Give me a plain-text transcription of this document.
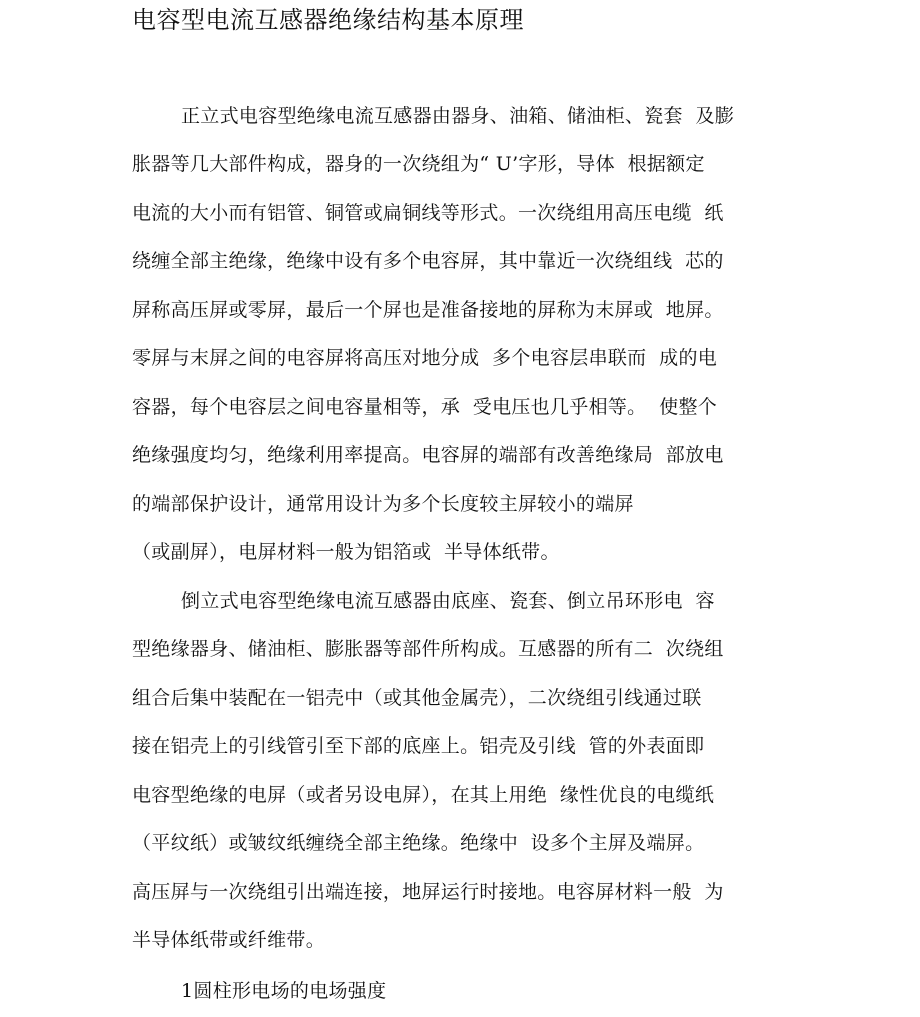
电容型电流互感器绝缘结构基本原理
正立式电容型绝缘电流互感器由器身、油箱、储油柜、瓷套  及膨
胀器等几大部件构成，器身的一次绕组为“ U’字形，导体  根据额定
电流的大小而有铝管、铜管或扁铜线等形式。一次绕组用高压电缆  纸
绕缠全部主绝缘，绝缘中设有多个电容屏，其中靠近一次绕组线  芯的
屏称高压屏或零屏，最后一个屏也是准备接地的屏称为末屏或  地屏。
零屏与末屏之间的电容屏将高压对地分成  多个电容层串联而  成的电
容器，每个电容层之间电容量相等，承  受电压也几乎相等。  使整个
绝缘强度均匀，绝缘利用率提高。电容屏的端部有改善绝缘局  部放电
的端部保护设计，通常用设计为多个长度较主屏较小的端屏
（或副屏），电屏材料一般为铝箔或  半导体纸带。
倒立式电容型绝缘电流互感器由底座、瓷套、倒立吊环形电  容
型绝缘器身、储油柜、膨胀器等部件所构成。互感器的所有二  次绕组
组合后集中装配在一铝壳中（或其他金属壳），二次绕组引线通过联
接在铝壳上的引线管引至下部的底座上。铝壳及引线  管的外表面即
电容型绝缘的电屏（或者另设电屏），在其上用绝  缘性优良的电缆纸
（平纹纸）或皱纹纸缠绕全部主绝缘。绝缘中  设多个主屏及端屏。
高压屏与一次绕组引出端连接，地屏运行时接地。电容屏材料一般  为
半导体纸带或纤维带。
1圆柱形电场的电场强度
